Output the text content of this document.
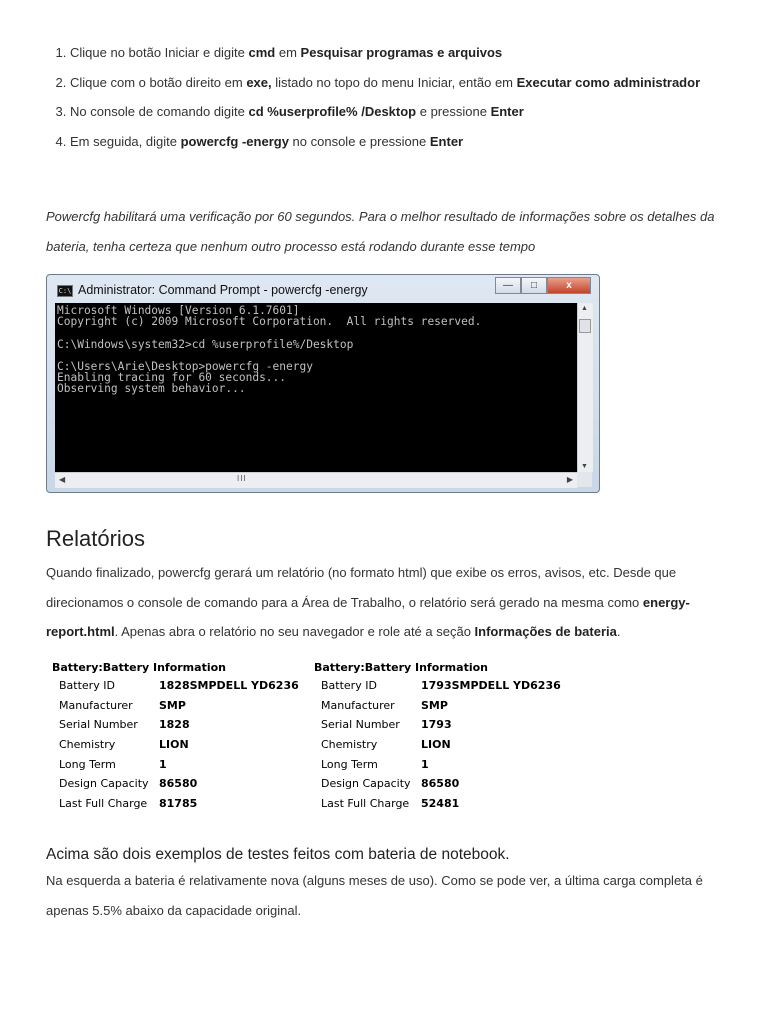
1. Clique no botão Iniciar e digite cmd em Pesquisar programas e arquivos
2. Clique com o botão direito em exe, listado no topo do menu Iniciar, então em Executar como administrador
3. No console de comando digite cd %userprofile% /Desktop e pressione Enter
4. Em seguida, digite powercfg -energy no console e pressione Enter
Powercfg habilitará uma verificação por 60 segundos. Para o melhor resultado de informações sobre os detalhes da bateria, tenha certeza que nenhum outro processo está rodando durante esse tempo
C:\ Administrator: Command Prompt - powercfg -energy	—	□	x
Microsoft Windows [Version 6.1.7601]
Copyright (c) 2009 Microsoft Corporation.  All rights reserved.

C:\Windows\system32>cd %userprofile%/Desktop

C:\Users\Arie\Desktop>powercfg -energy
Enabling tracing for 60 seconds...
Observing system behavior...
▲
▼
◀	III	▶
Relatórios
Quando finalizado, powercfg gerará um relatório (no formato html) que exibe os erros, avisos, etc. Desde que direcionamos o console de comando para a Área de Trabalho, o relatório será gerado na mesma como energy-report.html. Apenas abra o relatório no seu navegador e role até a seção Informações de bateria.
Battery:Battery Information
Battery ID	1828SMPDELL YD6236
Manufacturer	SMP
Serial Number	1828
Chemistry	LION
Long Term	1
Design Capacity	86580
Last Full Charge	81785
Battery:Battery Information
Battery ID	1793SMPDELL YD6236
Manufacturer	SMP
Serial Number	1793
Chemistry	LION
Long Term	1
Design Capacity	86580
Last Full Charge	52481
Acima são dois exemplos de testes feitos com bateria de notebook.
Na esquerda a bateria é relativamente nova (alguns meses de uso). Como se pode ver, a última carga completa é apenas 5.5% abaixo da capacidade original.
